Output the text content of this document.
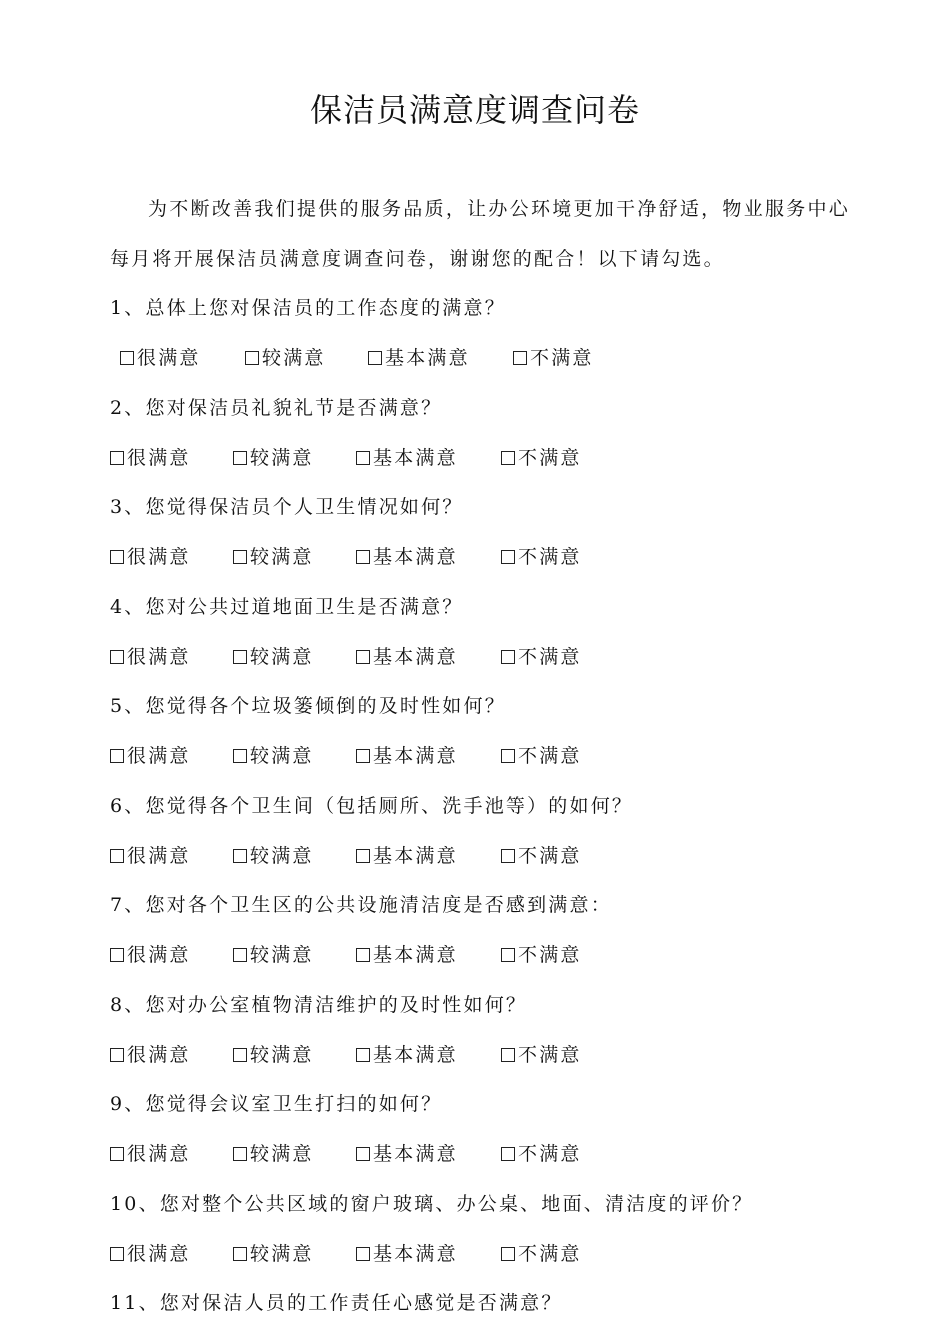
保洁员满意度调查问卷
为不断改善我们提供的服务品质，让办公环境更加干净舒适，物业服务中心每月将开展保洁员满意度调查问卷，谢谢您的配合！以下请勾选。
1、总体上您对保洁员的工作态度的满意？
很满意	较满意	基本满意	不满意
2、您对保洁员礼貌礼节是否满意？
很满意	较满意	基本满意	不满意
3、您觉得保洁员个人卫生情况如何？
很满意	较满意	基本满意	不满意
4、您对公共过道地面卫生是否满意？
很满意	较满意	基本满意	不满意
5、您觉得各个垃圾篓倾倒的及时性如何？
很满意	较满意	基本满意	不满意
6、您觉得各个卫生间（包括厕所、洗手池等）的如何？
很满意	较满意	基本满意	不满意
7、您对各个卫生区的公共设施清洁度是否感到满意：
很满意	较满意	基本满意	不满意
8、您对办公室植物清洁维护的及时性如何？
很满意	较满意	基本满意	不满意
9、您觉得会议室卫生打扫的如何？
很满意	较满意	基本满意	不满意
10、您对整个公共区域的窗户玻璃、办公桌、地面、清洁度的评价？
很满意	较满意	基本满意	不满意
11、您对保洁人员的工作责任心感觉是否满意？
